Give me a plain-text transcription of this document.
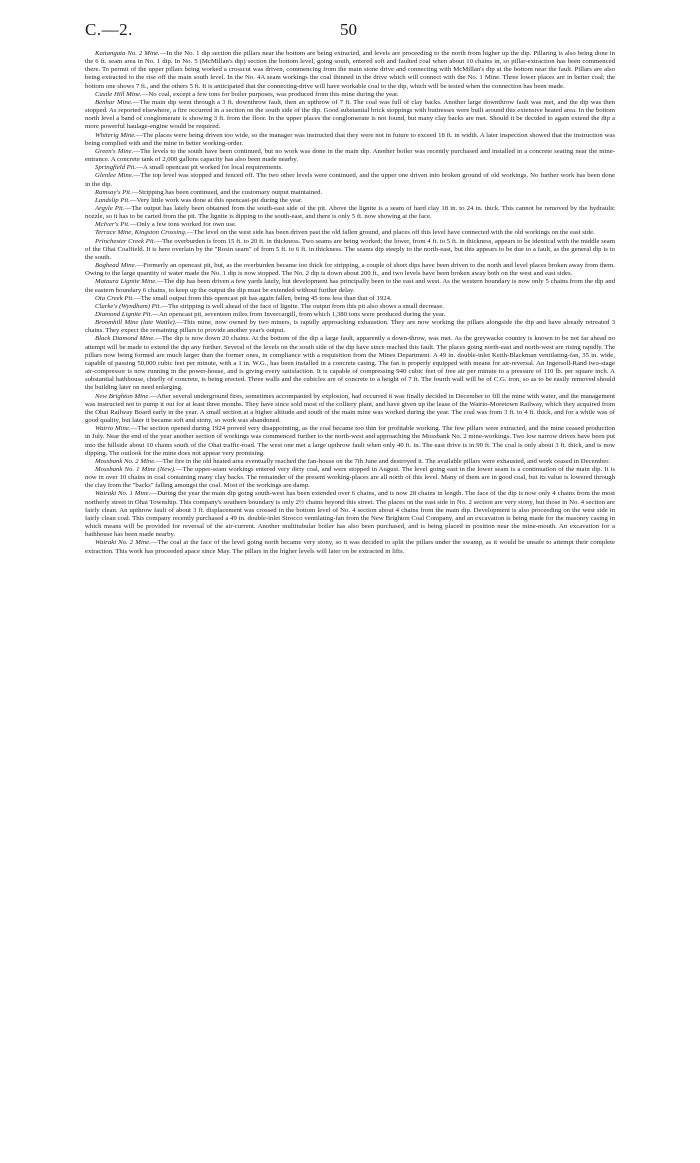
C.—2.	50

Kaitangata No. 2 Mine.—In the No. 1 dip section the pillars near the bottom are being extracted, and levels are proceeding to the north from higher up the dip. Pillaring is also being done in the 6 ft. seam area in No. 1 dip. In No. 5 (McMillan's dip) section the bottom level, going south, entered soft and faulted coal when about 10 chains in, so pillar-extraction has been commenced there. To permit of the upper pillars being worked a crosscut was driven, commencing from the main stone drive and connecting with McMillan's dip at the bottom near the fault. Pillars are also being extracted to the rise off the main south level. In the No. 4A seam workings the coal thinned in the drive which will connect with the No. 1 Mine. Three lower places are in better coal; the bottom one shows 7 ft., and the others 5 ft. It is anticipated that the connecting-drive will have workable coal to the dip, which will be tested when the connection has been made.

Castle Hill Mine.—No coal, except a few tons for boiler purposes, was produced from this mine during the year.

Benhar Mine.—The main dip went through a 3 ft. downthrow fault, then an upthrow of 7 ft. The coal was full of clay backs. Another large downthrow fault was met, and the dip was then stopped. As reported elsewhere, a fire occurred in a section on the south side of the dip. Good substantial brick stoppings with buttresses were built around this extensive heated area. In the bottom north level a band of conglomerate is showing 3 ft. from the floor. In the upper places the conglomerate is not found, but many clay backs are met. Should it be decided to again extend the dip a more powerful haulage-engine would be required.

Whiterig Mine.—The places were being driven too wide, so the manager was instructed that they were not in future to exceed 18 ft. in width. A later inspection showed that the instruction was being complied with and the mine in better working-order.

Green's Mine.—The levels to the south have been continued, but no work was done in the main dip. Another boiler was recently purchased and installed in a concrete seating near the mine-entrance. A concrete tank of 2,000 gallons capacity has also been made nearby.

Springfield Pit.—A small opencast pit worked for local requirements.

Glenlee Mine.—The top level was stopped and fenced off. The two other levels were continued, and the upper one driven into broken ground of old workings. No further work has been done in the dip.

Ramsay's Pit.—Stripping has been continued, and the customary output maintained.

Landslip Pit.—Very little work was done at this opencast-pit during the year.

Argyle Pit.—The output has lately been obtained from the south-east side of the pit. Above the lignite is a seam of hard clay 18 in. to 24 in. thick. This cannot be removed by the hydraulic nozzle, so it has to be carted from the pit. The lignite is dipping to the south-east, and there is only 5 ft. now showing at the face.

McIver's Pit.—Only a few tons worked for own use.

Terrace Mine, Kingston Crossing.—The level on the west side has been driven past the old fallen ground, and places off this level have connected with the old workings on the east side.

Princhester Creek Pit.—The overburden is from 15 ft. to 20 ft. in thickness. Two seams are being worked; the lower, from 4 ft. to 5 ft. in thickness, appears to be identical with the middle seam of the Ohai Coalfield. It is here overlain by the "Rosin seam" of from 5 ft. to 6 ft. in thickness. The seams dip steeply to the north-east, but this appears to be due to a fault, as the general dip is to the south.

Boghead Mine.—Formerly an opencast pit, but, as the overburden became too thick for stripping, a couple of short dips have been driven to the north and level places broken away from them. Owing to the large quantity of water made the No. 1 dip is now stopped. The No. 2 dip is down about 200 ft., and two levels have been broken away both on the west and east sides.

Mataura Lignite Mine.—The dip has been driven a few yards lately, but development has principally been to the east and west. As the western boundary is now only 5 chains from the dip and the eastern boundary 6 chains, to keep up the output the dip must be extended without further delay.

Ota Creek Pit.—The small output from this opencast pit has again fallen, being 45 tons less than that of 1924.

Clarke's (Wyndham) Pit.—The stripping is well ahead of the face of lignite. The output from this pit also shows a small decrease.

Diamond Lignite Pit.—An opencast pit, seventeen miles from Invercargill, from which 1,380 tons were produced during the year.

Broomhill Mine (late Wattle).—This mine, now owned by two miners, is rapidly approaching exhaustion. They are now working the pillars alongside the dip and have already retreated 3 chains. They expect the remaining pillars to provide another year's output.

Black Diamond Mine.—The dip is now down 20 chains. At the bottom of the dip a large fault, apparently a down-throw, was met. As the greywacke country is known to be not far ahead no attempt will be made to extend the dip any further. Several of the levels on the south side of the dip have since reached this fault. The places going north-east and north-west are rising rapidly. The pillars now being formed are much larger than the former ones, in compliance with a requisition from the Mines Department. A 49 in. double-inlet Keith-Blackman ventilating-fan, 35 in. wide, capable of passing 50,000 cubic feet per minute, with a 1 in. W.G., has been installed in a concrete casing. The fan is properly equipped with means for air-reversal. An Ingersoll-Rand two-stage air-compressor is now running in the power-house, and is giving every satisfaction. It is capable of compressing 940 cubic feet of free air per minute to a pressure of 110 lb. per square inch. A substantial bathhouse, chiefly of concrete, is being erected. Three walls and the cubicles are of concrete to a height of 7 ft. The fourth wall will be of C.G. iron, so as to be easily removed should the building later on need enlarging.

New Brighton Mine.—After several underground fires, sometimes accompanied by explosion, had occurred it was finally decided in December to fill the mine with water, and the management was instructed not to pump it out for at least three months. They have since sold most of the colliery plant, and have given up the lease of the Wairio-Moretown Railway, which they acquired from the Ohai Railway Board early in the year. A small section at a higher altitude and south of the main mine was worked during the year. The coal was from 3 ft. to 4 ft. thick, and for a while was of good quality, but later it became soft and stony, so work was abandoned.

Wairio Mine.—The section opened during 1924 proved very disappointing, as the coal became too thin for profitable working. The few pillars were extracted, and the mine ceased production in July. Near the end of the year another section of workings was commenced further to the north-west and approaching the Mossbank No. 2 mine-workings. Two low narrow drives have been put into the hillside about 10 chains south of the Ohai traffic-road. The west one met a large upthrow fault when only 40 ft. in. The east drive is in 90 ft. The coal is only about 3 ft. thick, and is now dipping. The outlook for the mine does not appear very promising.

Mossbank No. 2 Mine.—The fire in the old heated area eventually reached the fan-house on the 7th June and destroyed it. The available pillars were exhausted, and work ceased in December.

Mossbank No. 1 Mine (New).—The upper-seam workings entered very dirty coal, and were stopped in August. The level going east in the lower seam is a continuation of the main dip. It is now in over 10 chains in coal containing many clay backs. The remainder of the present working-places are all north of this level. Many of them are in good coal, but its value is lowered through the clay from the "backs" falling amongst the coal. Most of the workings are damp.

Wairaki No. 1 Mine.—During the year the main dip going south-west has been extended over 6 chains, and is now 28 chains in length. The face of the dip is now only 4 chains from the most northerly street in Ohai Township. This company's southern boundary is only 2½ chains beyond this street. The places on the east side in No. 2 section are very stony, but those in No. 4 section are fairly clean. An upthrow fault of about 3 ft. displacement was crossed in the bottom level of No. 4 section about 4 chains from the main dip. Development is also proceeding on the west side in fairly clean coal. This company recently purchased a 49 in. double-inlet Sirocco ventilating-fan from the New Brighton Coal Company, and an excavation is being made for the masonry casing in which means will be provided for reversal of the air-current. Another multitubular boiler has also been purchased, and is being placed in position near the mine-mouth. An excavation for a bathhouse has been made nearby.

Wairaki No. 2 Mine.—The coal at the face of the level going north became very stony, so it was decided to split the pillars under the swamp, as it would be unsafe to attempt their complete extraction. This work has proceeded apace since May. The pillars in the higher levels will later on be extracted in lifts.
